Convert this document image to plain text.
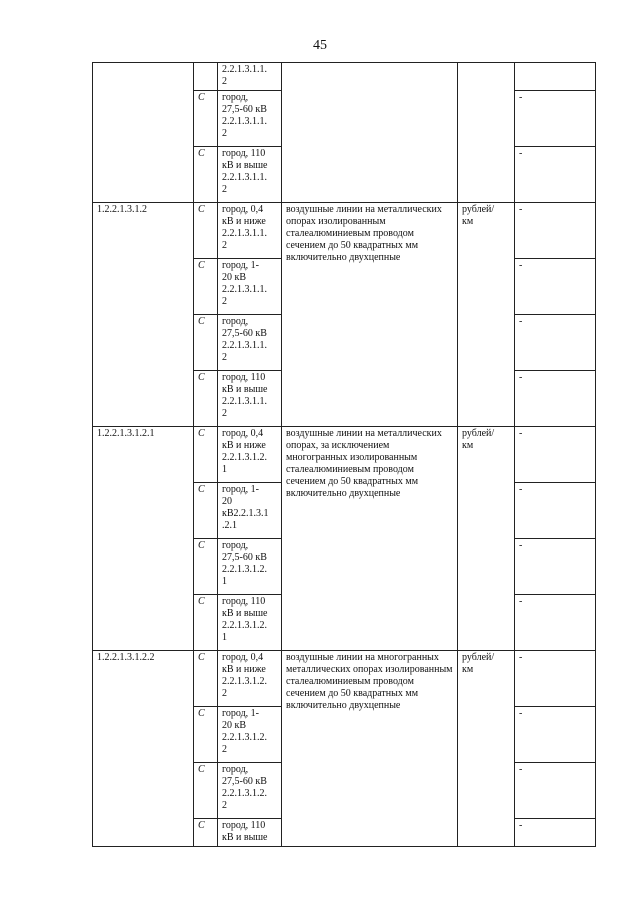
45
		2.2.1.3.1.1.
2			
	С	город,
27,5-60 кВ
2.2.1.3.1.1.
2			-
	С	город, 110
кВ и выше
2.2.1.3.1.1.
2			-
1.2.2.1.3.1.2	С	город, 0,4
кВ и ниже
2.2.1.3.1.1.
2	воздушные линии на металлических опорах изолированным сталеалюминиевым проводом сечением до 50 квадратных мм включительно двухцепные	рублей/
км	-
	С	город, 1-
20 кВ
2.2.1.3.1.1.
2			-
	С	город,
27,5-60 кВ
2.2.1.3.1.1.
2			-
	С	город, 110
кВ и выше
2.2.1.3.1.1.
2			-
1.2.2.1.3.1.2.1	С	город, 0,4
кВ и ниже
2.2.1.3.1.2.
1	воздушные линии на металлических опорах, за исключением многогранных изолированным сталеалюминиевым проводом сечением до 50 квадратных мм включительно двухцепные	рублей/
км	-
	С	город, 1-
20
кВ2.2.1.3.1
.2.1			-
	С	город,
27,5-60 кВ
2.2.1.3.1.2.
1			-
	С	город, 110
кВ и выше
2.2.1.3.1.2.
1			-
1.2.2.1.3.1.2.2	С	город, 0,4
кВ и ниже
2.2.1.3.1.2.
2	воздушные линии на многогранных металлических опорах изолированным сталеалюминиевым проводом сечением до 50 квадратных мм включительно двухцепные	рублей/
км	-
	С	город, 1-
20 кВ
2.2.1.3.1.2.
2			-
	С	город,
27,5-60 кВ
2.2.1.3.1.2.
2			-
	С	город, 110
кВ и выше			-
